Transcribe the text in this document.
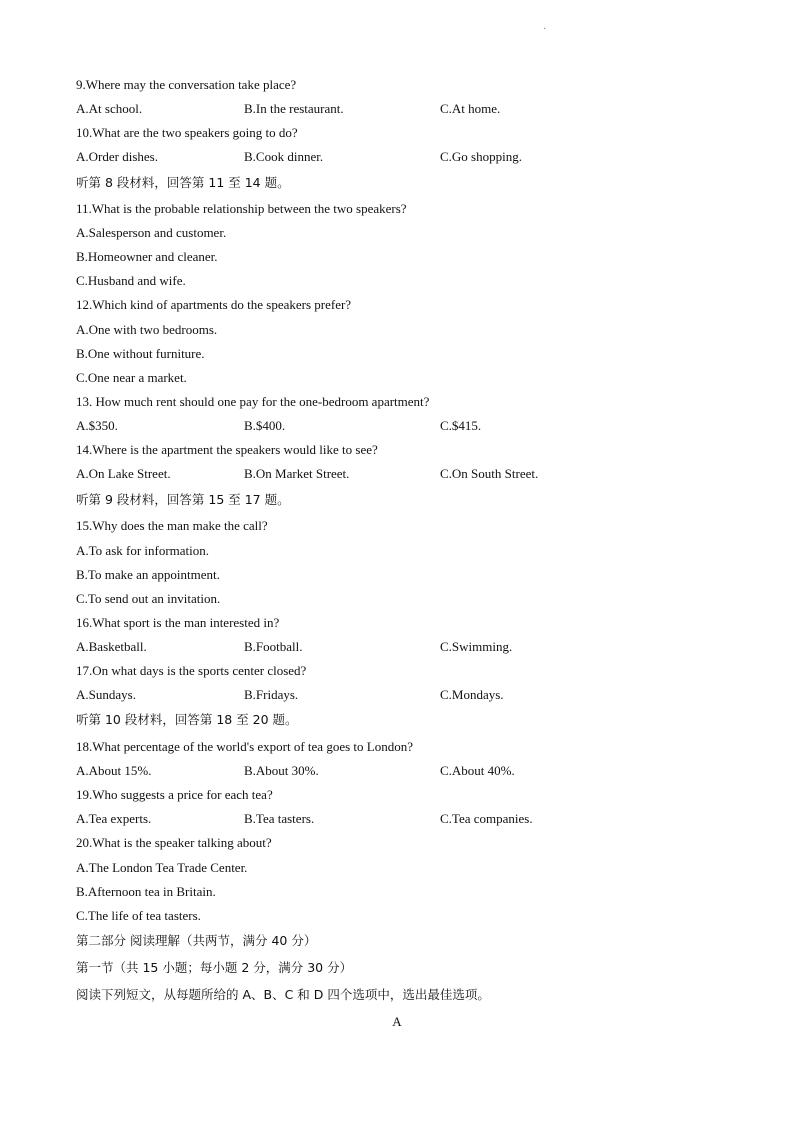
·
9.Where may the conversation take place?
A.At school.	B.In the restaurant.	C.At home.
10.What are the two speakers going to do?
A.Order dishes.	B.Cook dinner.	C.Go shopping.
听第 8 段材料，回答第 11 至 14 题。
11.What is the probable relationship between the two speakers?
A.Salesperson and customer.
B.Homeowner and cleaner.
C.Husband and wife.
12.Which kind of apartments do the speakers prefer?
A.One with two bedrooms.
B.One without furniture.
C.One near a market.
13. How much rent should one pay for the one-bedroom apartment?
A.$350.	B.$400.	C.$415.
14.Where is the apartment the speakers would like to see?
A.On Lake Street.	B.On Market Street.	C.On South Street.
听第 9 段材料，回答第 15 至 17 题。
15.Why does the man make the call?
A.To ask for information.
B.To make an appointment.
C.To send out an invitation.
16.What sport is the man interested in?
A.Basketball.	B.Football.	C.Swimming.
17.On what days is the sports center closed?
A.Sundays.	B.Fridays.	C.Mondays.
听第 10 段材料，回答第 18 至 20 题。
18.What percentage of the world's export of tea goes to London?
A.About 15%.	B.About 30%.	C.About 40%.
19.Who suggests a price for each tea?
A.Tea experts.	B.Tea tasters.	C.Tea companies.
20.What is the speaker talking about?
A.The London Tea Trade Center.
B.Afternoon tea in Britain.
C.The life of tea tasters.
第二部分 阅读理解（共两节，满分 40 分）
第一节（共 15 小题；每小题 2 分，满分 30 分）
阅读下列短文，从每题所给的 A、B、C 和 D 四个选项中，选出最佳选项。
A
